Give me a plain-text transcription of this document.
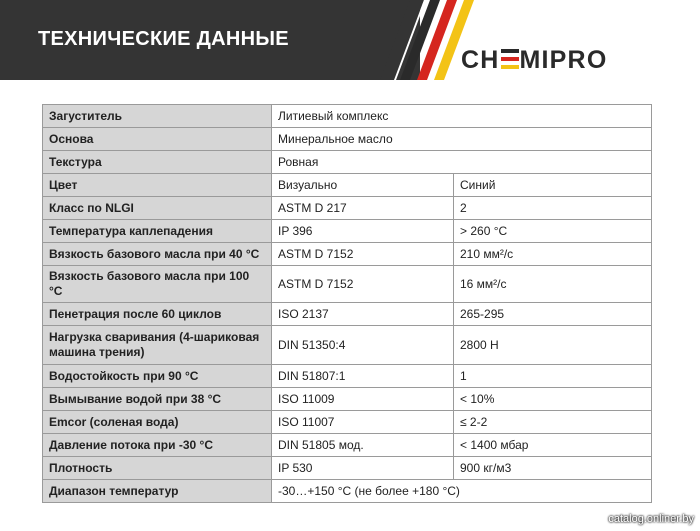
ТЕХНИЧЕСКИЕ ДАННЫЕ
CH MIPRO
Загуститель	Литиевый комплекс	
Основа	Минеральное масло	
Текстура	Ровная	
Цвет	Визуально	Синий
Класс по NLGI	ASTM D 217	2
Температура каплепадения	IP 396	> 260 °C
Вязкость базового масла при 40 °C	ASTM D 7152	210 мм²/с
Вязкость базового масла при 100 °C	ASTM D 7152	16 мм²/с
Пенетрация после 60 циклов	ISO 2137	265-295
Нагрузка сваривания (4-шариковая машина трения)	DIN 51350:4	2800 Н
Водостойкость при 90 °C	DIN 51807:1	1
Вымывание водой при 38 °C	ISO 11009	< 10%
Emcor (соленая вода)	ISO 11007	≤ 2-2
Давление потока при -30 °C	DIN 51805 мод.	< 1400 мбар
Плотность	IP 530	900 кг/м3
Диапазон температур	-30…+150 °C (не более +180 °C)	
catalog.onliner.by
